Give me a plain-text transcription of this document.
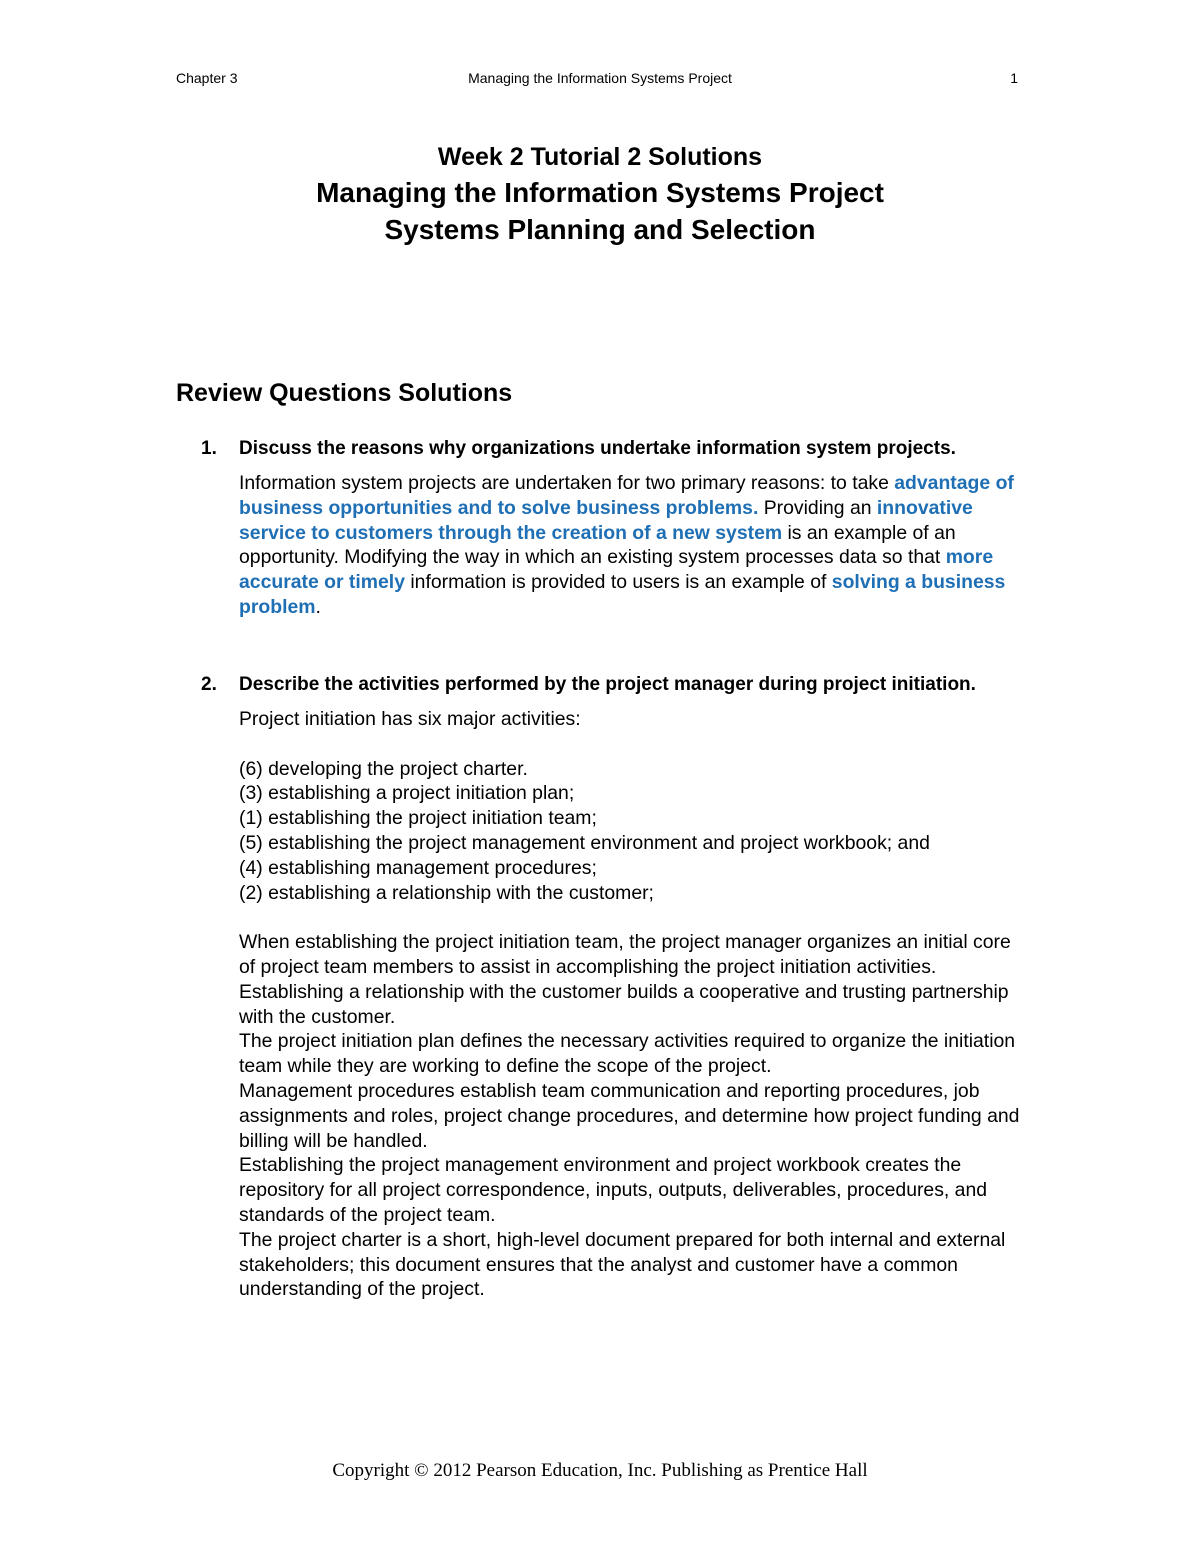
Chapter 3	Managing the Information Systems Project	1
Week 2 Tutorial 2 Solutions
Managing the Information Systems Project
Systems Planning and Selection
Review Questions Solutions
1. Discuss the reasons why organizations undertake information system projects.
Information system projects are undertaken for two primary reasons: to take advantage of business opportunities and to solve business problems. Providing an innovative service to customers through the creation of a new system is an example of an opportunity. Modifying the way in which an existing system processes data so that more accurate or timely information is provided to users is an example of solving a business problem.
2. Describe the activities performed by the project manager during project initiation.

Project initiation has six major activities:

(6) developing the project charter.

(3) establishing a project initiation plan;

(1) establishing the project initiation team;

(5) establishing the project management environment and project workbook; and

(4) establishing management procedures;

(2) establishing a relationship with the customer;

When establishing the project initiation team, the project manager organizes an initial core of project team members to assist in accomplishing the project initiation activities.

Establishing a relationship with the customer builds a cooperative and trusting partnership with the customer.

The project initiation plan defines the necessary activities required to organize the initiation team while they are working to define the scope of the project.

Management procedures establish team communication and reporting procedures, job assignments and roles, project change procedures, and determine how project funding and billing will be handled.

Establishing the project management environment and project workbook creates the repository for all project correspondence, inputs, outputs, deliverables, procedures, and standards of the project team.

The project charter is a short, high-level document prepared for both internal and external stakeholders; this document ensures that the analyst and customer have a common understanding of the project.

Copyright © 2012 Pearson Education, Inc. Publishing as Prentice Hall
